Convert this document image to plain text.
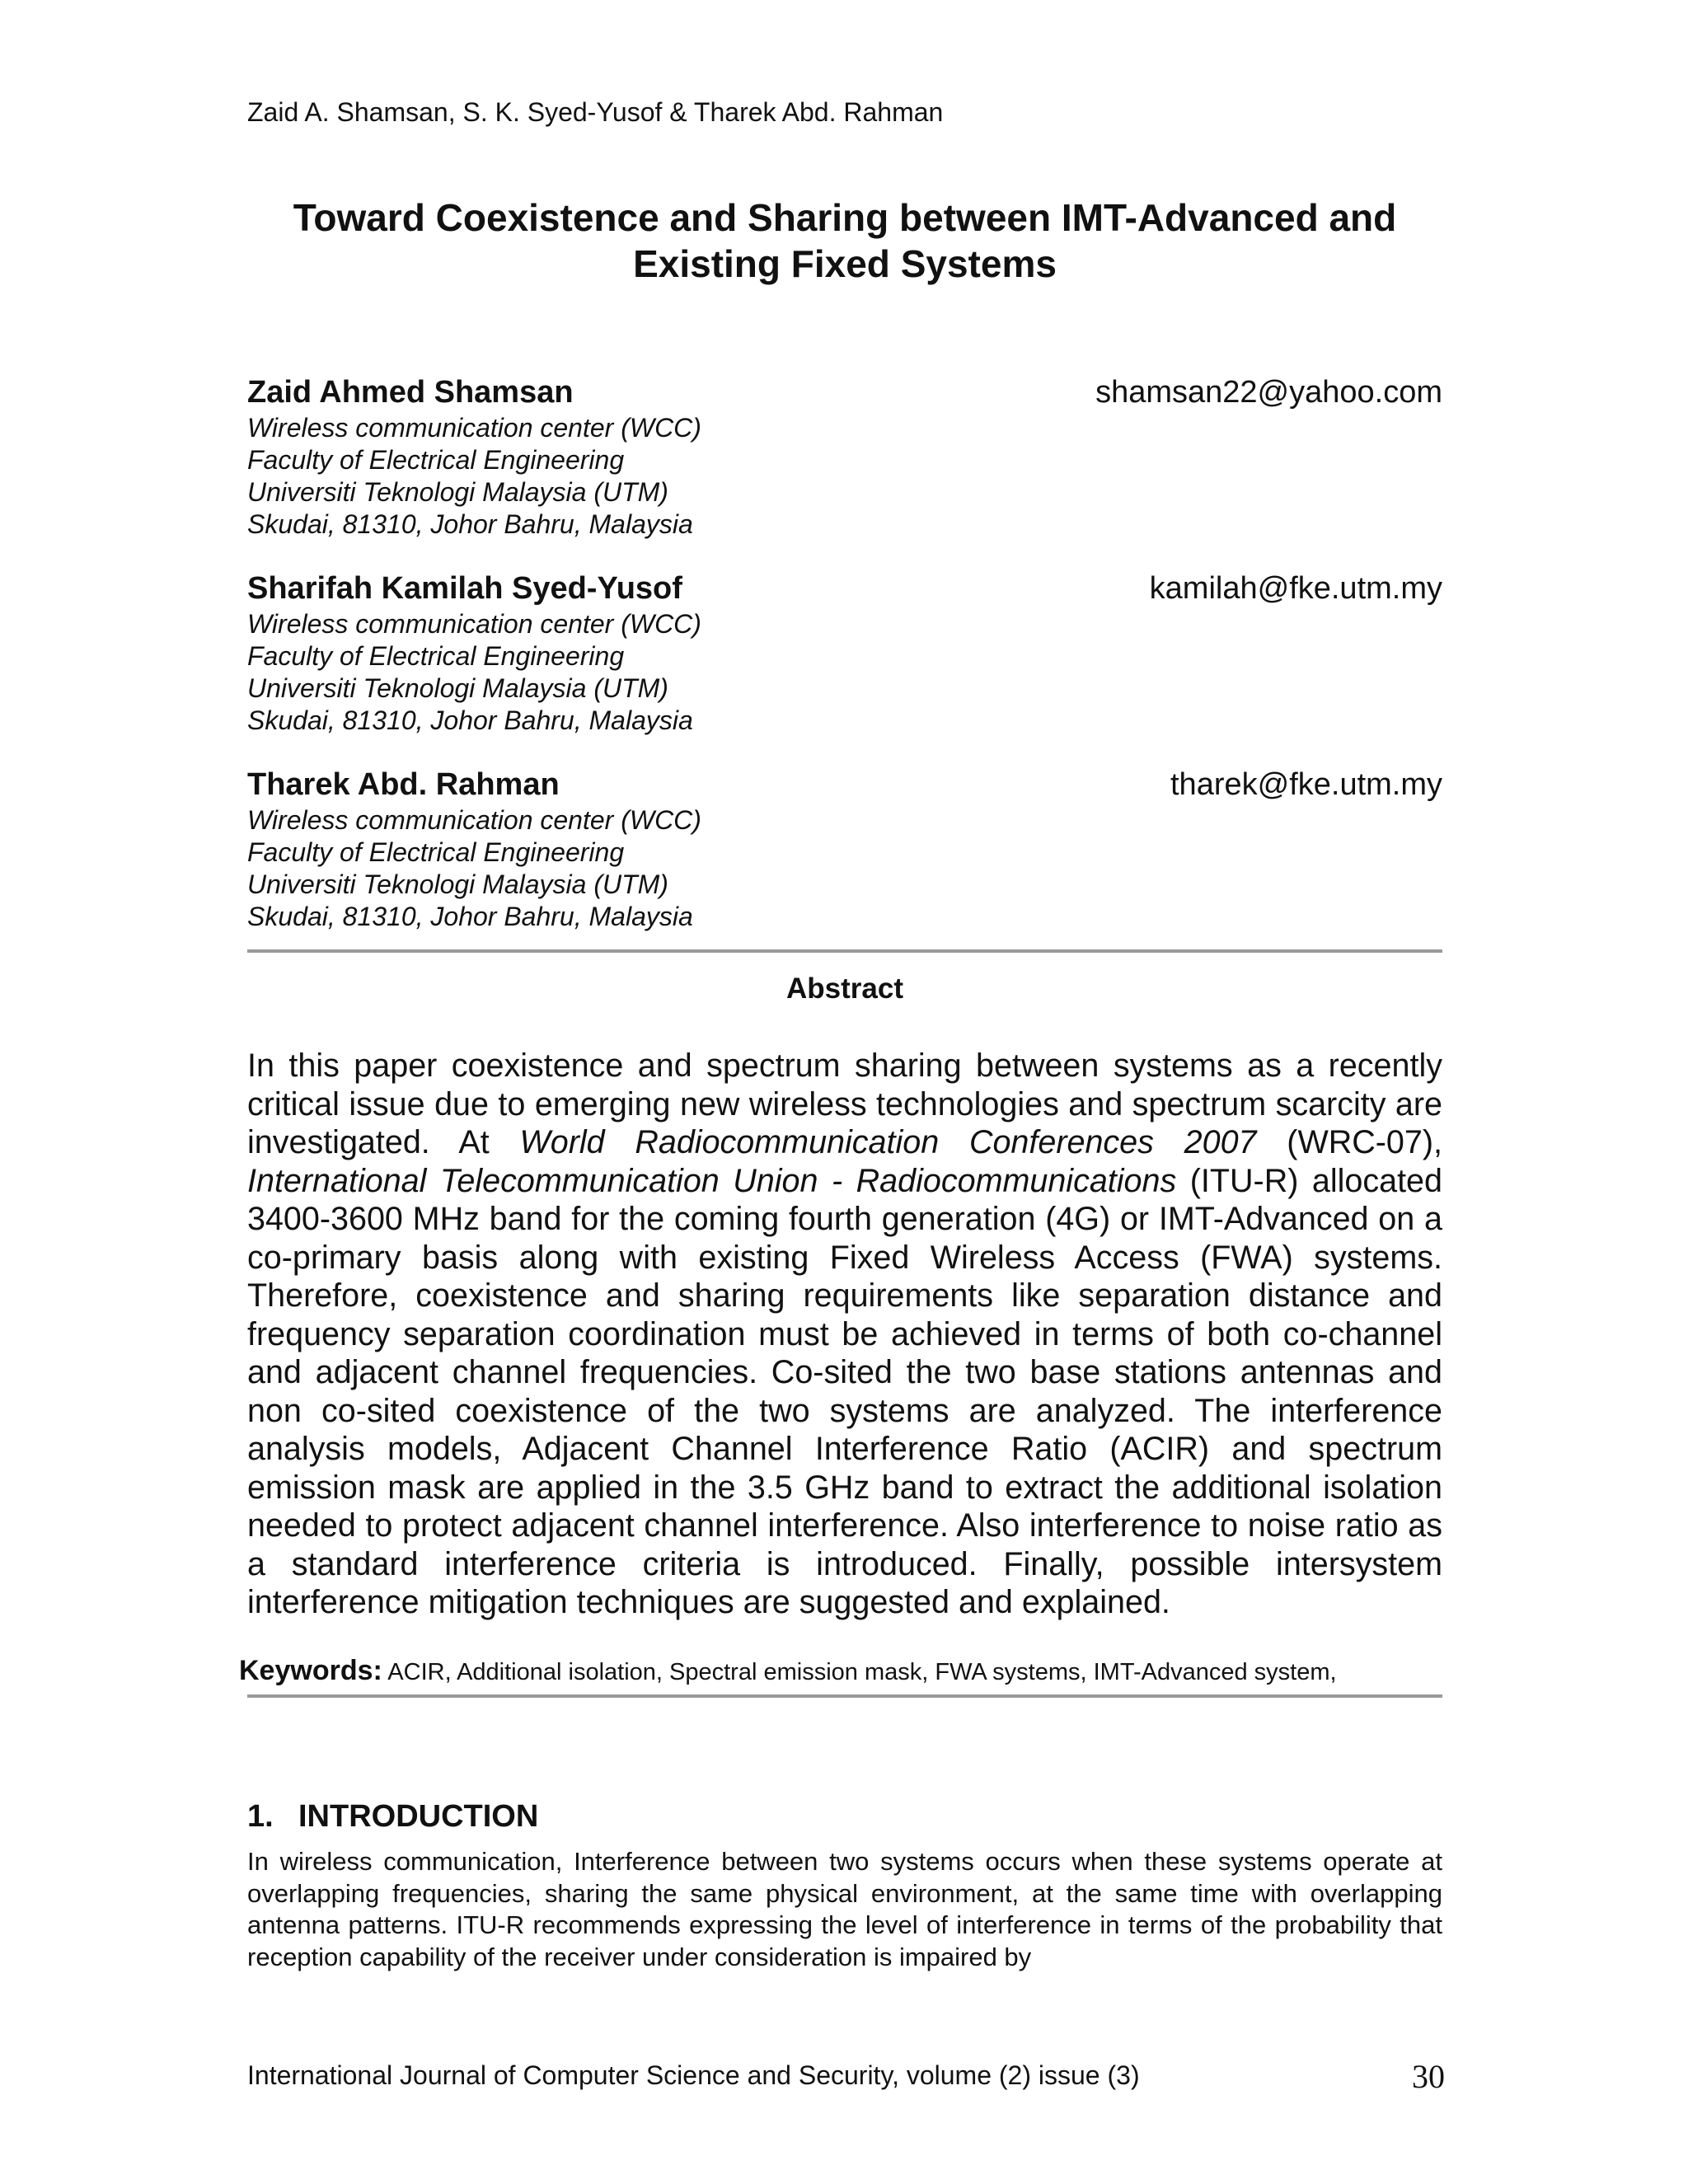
Zaid A. Shamsan, S. K. Syed-Yusof & Tharek Abd. Rahman
Toward Coexistence and Sharing between IMT-Advanced and
Existing Fixed Systems
Zaid Ahmed Shamsan	shamsan22@yahoo.com
Wireless communication center (WCC)
Faculty of Electrical Engineering
Universiti Teknologi Malaysia (UTM)
Skudai, 81310, Johor Bahru, Malaysia
Sharifah Kamilah Syed-Yusof	kamilah@fke.utm.my
Wireless communication center (WCC)
Faculty of Electrical Engineering
Universiti Teknologi Malaysia (UTM)
Skudai, 81310, Johor Bahru, Malaysia
Tharek Abd. Rahman	tharek@fke.utm.my
Wireless communication center (WCC)
Faculty of Electrical Engineering
Universiti Teknologi Malaysia (UTM)
Skudai, 81310, Johor Bahru, Malaysia
Abstract

In this paper coexistence and spectrum sharing between systems as a recently critical issue due to emerging new wireless technologies and spectrum scarcity are investigated. At World Radiocommunication Conferences 2007 (WRC-07), International Telecommunication Union - Radiocommunications (ITU-R) allocated 3400-3600 MHz band for the coming fourth generation (4G) or IMT-Advanced on a co-primary basis along with existing Fixed Wireless Access (FWA) systems. Therefore, coexistence and sharing requirements like separation distance and frequency separation coordination must be achieved in terms of both co-channel and adjacent channel frequencies. Co-sited the two base stations antennas and non co-sited coexistence of the two systems are analyzed. The interference analysis models, Adjacent Channel Interference Ratio (ACIR) and spectrum emission mask are applied in the 3.5 GHz band to extract the additional isolation needed to protect adjacent channel interference. Also interference to noise ratio as a standard interference criteria is introduced. Finally, possible intersystem interference mitigation techniques are suggested and explained.

Keywords: ACIR, Additional isolation, Spectral emission mask, FWA systems, IMT-Advanced system,
1. INTRODUCTION

In wireless communication, Interference between two systems occurs when these systems operate at overlapping frequencies, sharing the same physical environment, at the same time with overlapping antenna patterns. ITU-R recommends expressing the level of interference in terms of the probability that reception capability of the receiver under consideration is impaired by

International Journal of Computer Science and Security, volume (2) issue (3)	30
